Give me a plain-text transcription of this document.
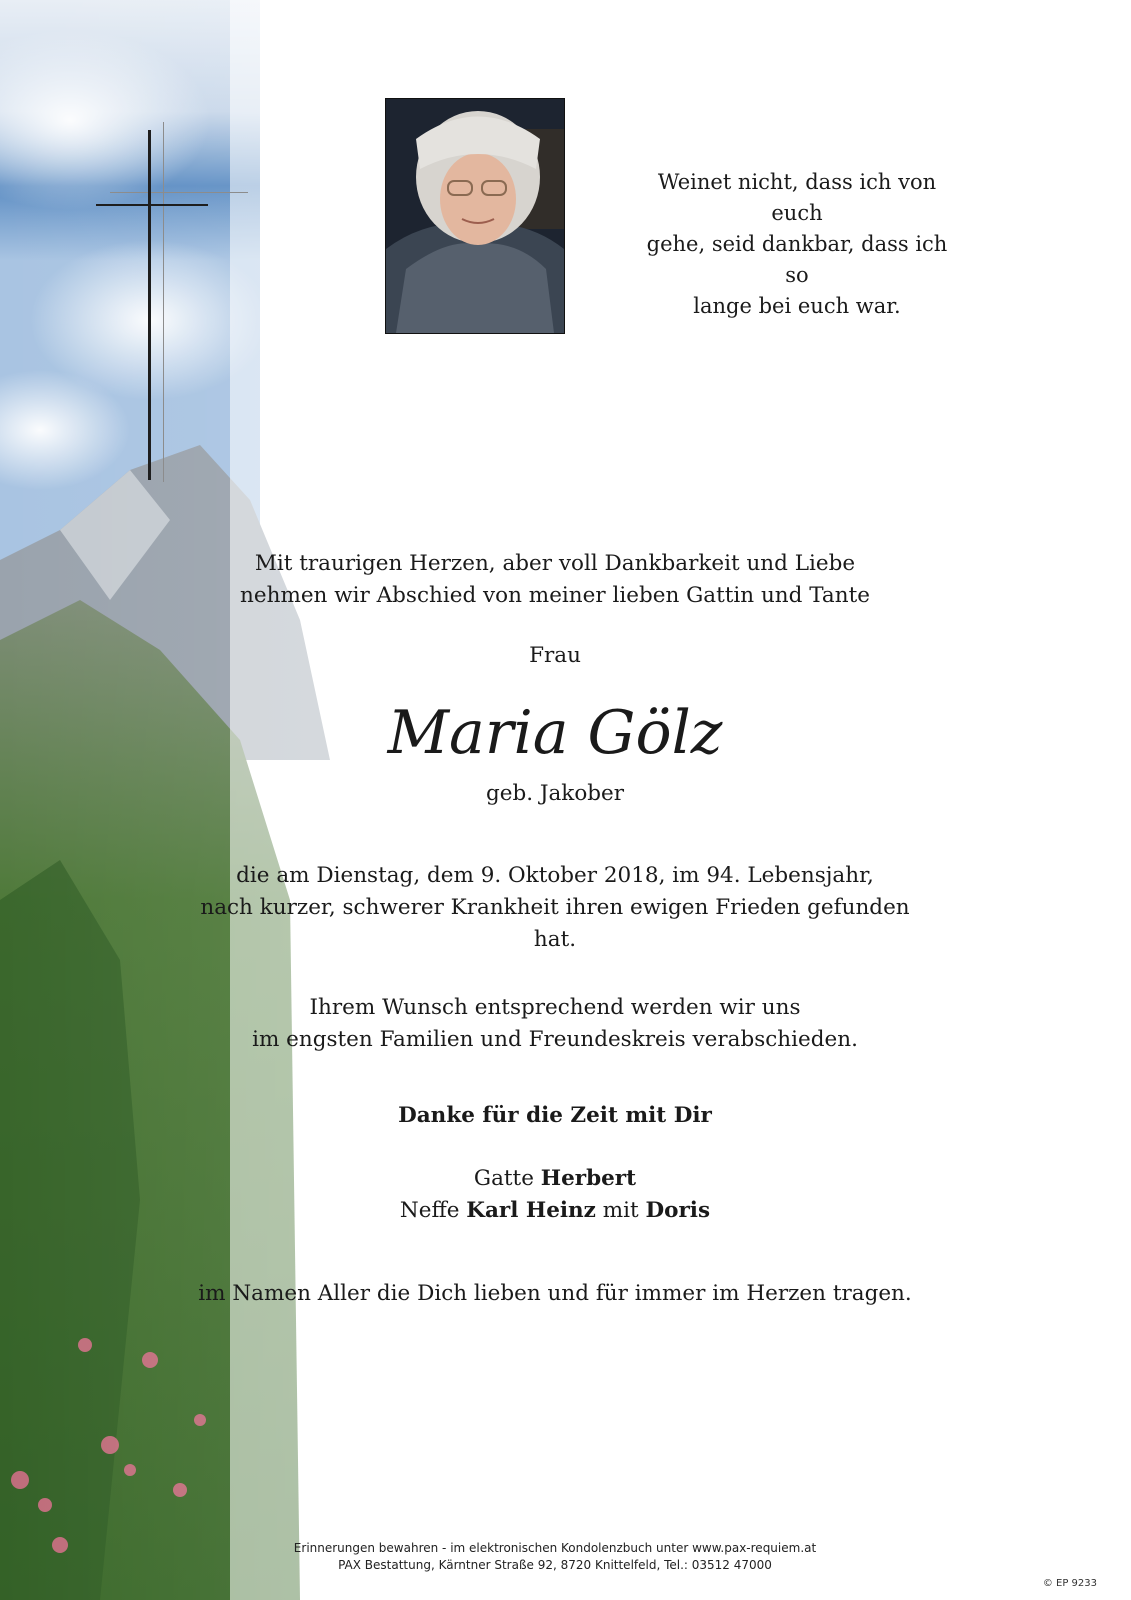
Weinet nicht, dass ich von euch
gehe, seid dankbar, dass ich so
lange bei euch war.
Mit traurigen Herzen, aber voll Dankbarkeit und Liebe
nehmen wir Abschied von meiner lieben Gattin und Tante
Frau
Maria Gölz
geb. Jakober
die am Dienstag, dem 9. Oktober 2018, im 94. Lebensjahr,
nach kurzer, schwerer Krankheit ihren ewigen Frieden gefunden hat.
Ihrem Wunsch entsprechend werden wir uns
im engsten Familien und Freundeskreis verabschieden.
Danke für die Zeit mit Dir
Gatte Herbert
Neffe Karl Heinz mit Doris
im Namen Aller die Dich lieben und für immer im Herzen tragen.
Erinnerungen bewahren - im elektronischen Kondolenzbuch unter www.pax-requiem.at
PAX Bestattung, Kärntner Straße 92, 8720 Knittelfeld, Tel.: 03512 47000
© EP 9233
